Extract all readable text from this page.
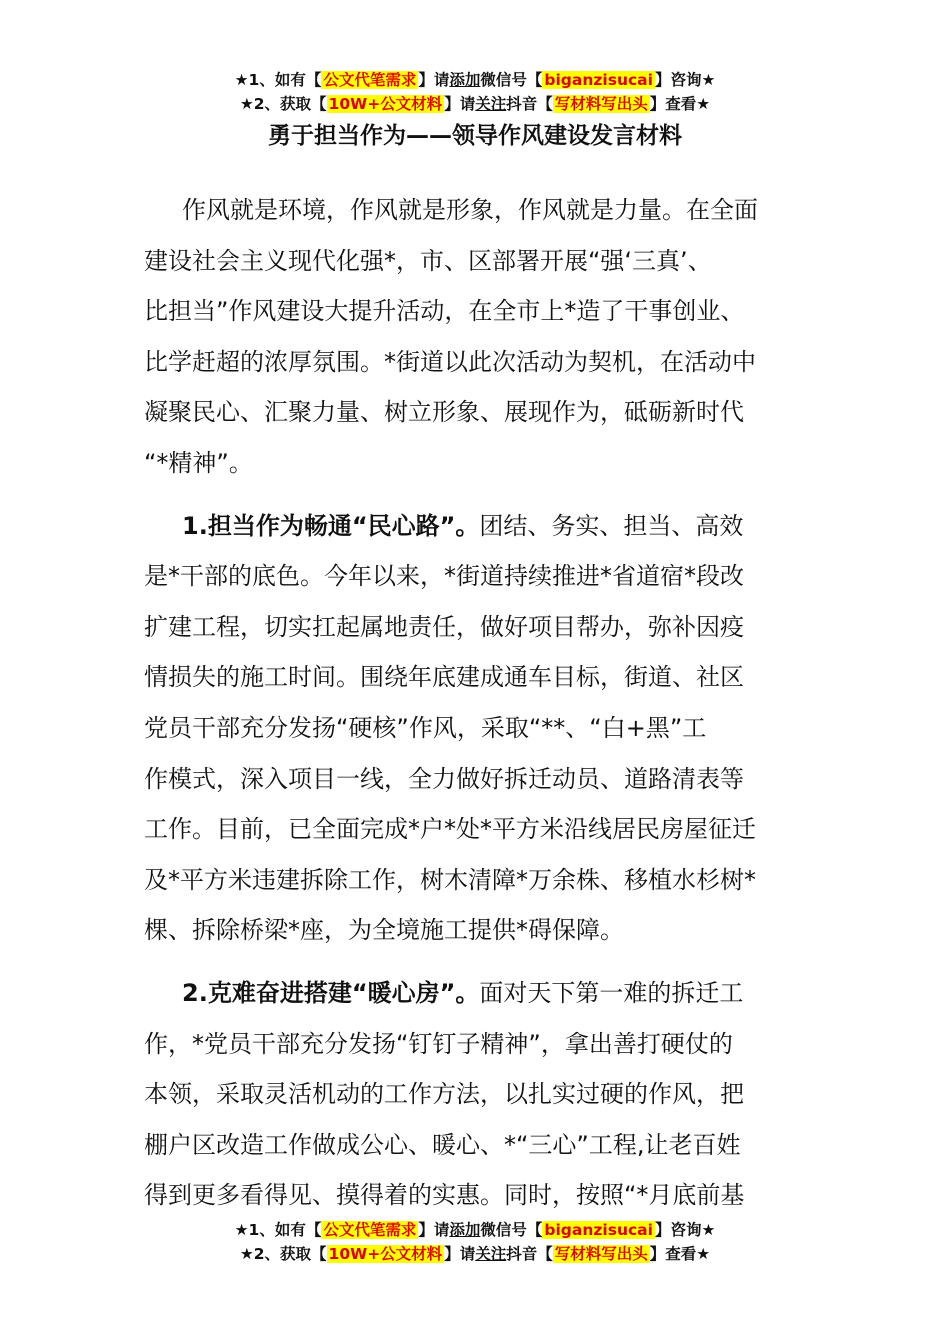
★1、如有【 公文代笔需求 】请添加微信号【 biganzisucai 】咨询★
★2、获取【 10W+公文材料 】请关注抖音【 写材料写出头 】查看★
勇于担当作为——领导作风建设发言材料
作风就是环境，作风就是形象，作风就是力量。在全面
建设社会主义现代化强*，市、区部署开展“强‘三真’、
比担当”作风建设大提升活动，在全市上*造了干事创业、
比学赶超的浓厚氛围。*街道以此次活动为契机，在活动中
凝聚民心、汇聚力量、树立形象、展现作为，砥砺新时代
“*精神”。
1.担当作为畅通“民心路”。团结、务实、担当、高效
是*干部的底色。今年以来，*街道持续推进*省道宿*段改
扩建工程，切实扛起属地责任，做好项目帮办，弥补因疫
情损失的施工时间。围绕年底建成通车目标，街道、社区
党员干部充分发扬“硬核”作风，采取“**、“白+黑”工
作模式，深入项目一线，全力做好拆迁动员、道路清表等
工作。目前，已全面完成*户*处*平方米沿线居民房屋征迁
及*平方米违建拆除工作，树木清障*万余株、移植水杉树*
棵、拆除桥梁*座，为全境施工提供*碍保障。
2.克难奋进搭建“暖心房”。面对天下第一难的拆迁工
作，*党员干部充分发扬“钉钉子精神”，拿出善打硬仗的
本领，采取灵活机动的工作方法，以扎实过硬的作风，把
棚户区改造工作做成公心、暖心、*“三心”工程,让老百姓
得到更多看得见、摸得着的实惠。同时，按照“*月底前基
★1、如有【 公文代笔需求 】请添加微信号【 biganzisucai 】咨询★
★2、获取【 10W+公文材料 】请关注抖音【 写材料写出头 】查看★
